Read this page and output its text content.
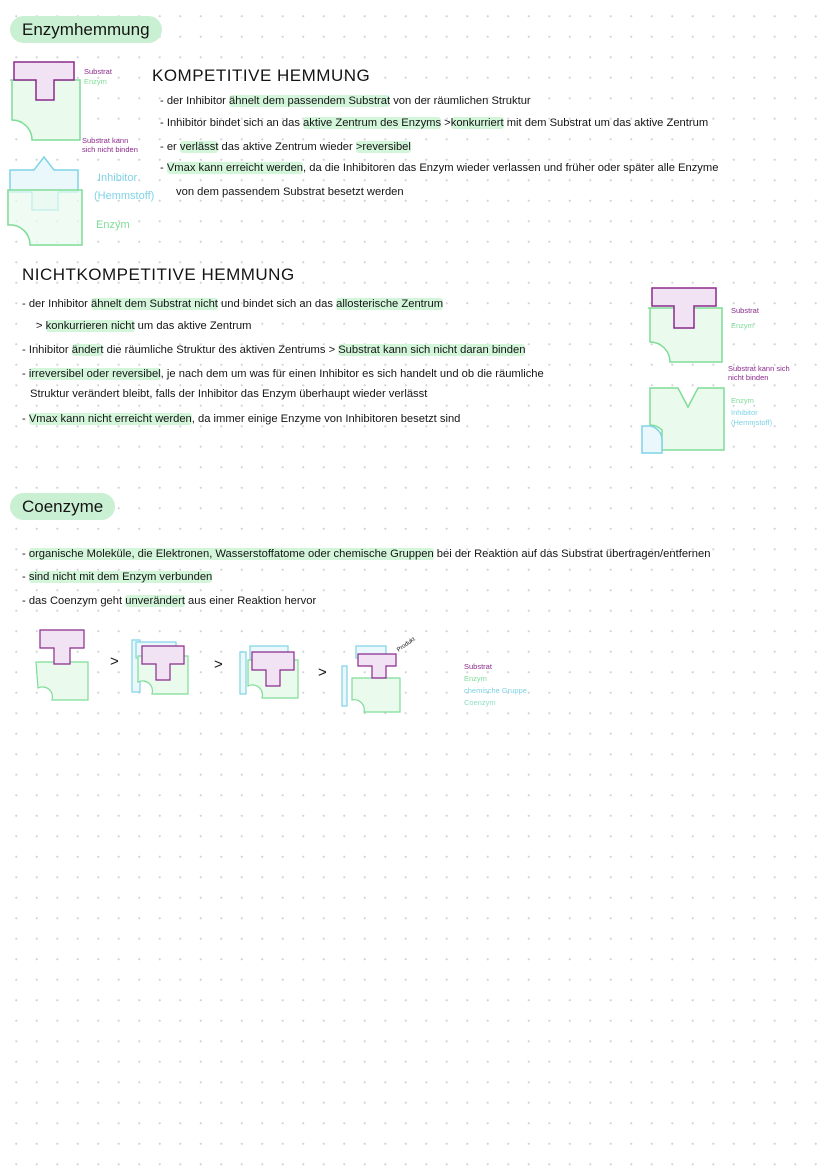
Enzymhemmung
KOMPETITIVE HEMMUNG
- der Inhibitor ähnelt dem passendem Substrat von der räumlichen Struktur
- Inhibitor bindet sich an das aktive Zentrum des Enzyms >konkurriert mit dem Substrat um das aktive Zentrum
- er verlässt das aktive Zentrum wieder >reversibel
- Vmax kann erreicht werden, da die Inhibitoren das Enzym wieder verlassen und früher oder später alle Enzyme
von dem passendem Substrat besetzt werden
Substrat
Enzym
Substrat kann sich nicht binden
Inhibitor
(Hemmstoff)
Enzym
NICHTKOMPETITIVE HEMMUNG
- der Inhibitor ähnelt dem Substrat nicht und bindet sich an das allosterische Zentrum
> konkurrieren nicht um das aktive Zentrum
- Inhibitor ändert die räumliche Struktur des aktiven Zentrums > Substrat kann sich nicht daran binden
- irreversibel oder reversibel, je nach dem um was für einen Inhibitor es sich handelt und ob die räumliche
Struktur verändert bleibt, falls der Inhibitor das Enzym überhaupt wieder verlässt
- Vmax kann nicht erreicht werden, da immer einige Enzyme von Inhibitoren besetzt sind
Substrat
Enzym
Substrat kann sich nicht binden
Enzym
Inhibitor
(Hemmstoff)
Coenzyme
- organische Moleküle, die Elektronen, Wasserstoffatome oder chemische Gruppen bei der Reaktion auf das Substrat übertragen/entfernen
- sind nicht mit dem Enzym verbunden
- das Coenzym geht unverändert aus einer Reaktion hervor
>	>	>
Produkt
Substrat
Enzym
chemische Gruppe
Coenzym
